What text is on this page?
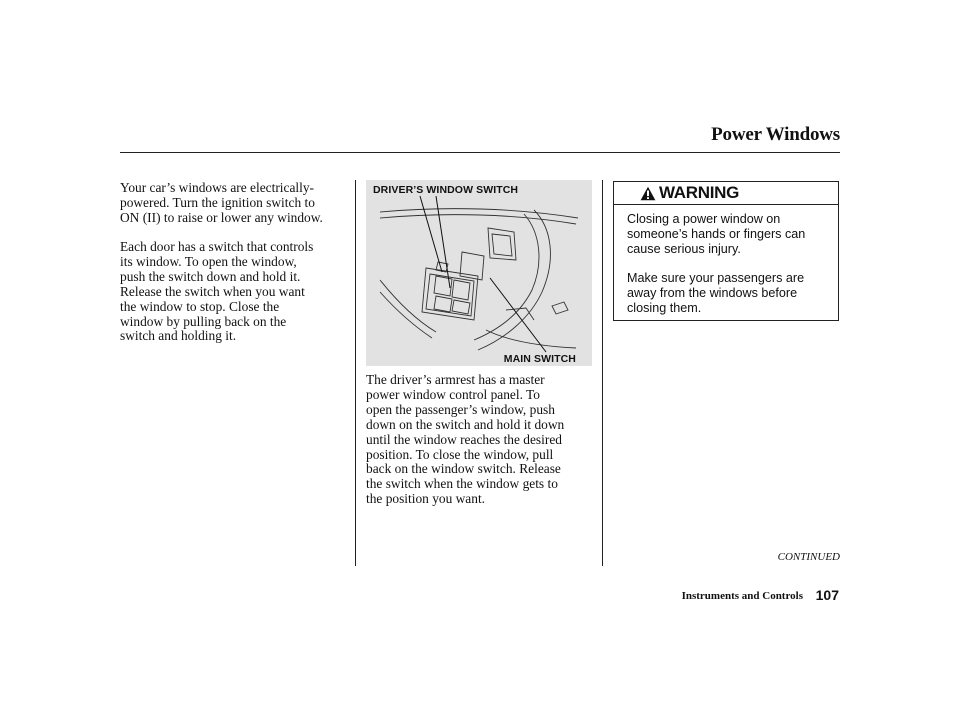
Power Windows
Your car’s windows are electrically-
powered. Turn the ignition switch to
ON (II) to raise or lower any window.
Each door has a switch that controls
its window. To open the window,
push the switch down and hold it.
Release the switch when you want
the window to stop. Close the
window by pulling back on the
switch and holding it.
DRIVER’S WINDOW SWITCH
MAIN SWITCH
The driver’s armrest has a master
power window control panel. To
open the passenger’s window, push
down on the switch and hold it down
until the window reaches the desired
position. To close the window, pull
back on the window switch. Release
the switch when the window gets to
the position you want.
WARNING
Closing a power window on
someone’s hands or fingers can
cause serious injury.
Make sure your passengers are
away from the windows before
closing them.
CONTINUED
Instruments and Controls 107
